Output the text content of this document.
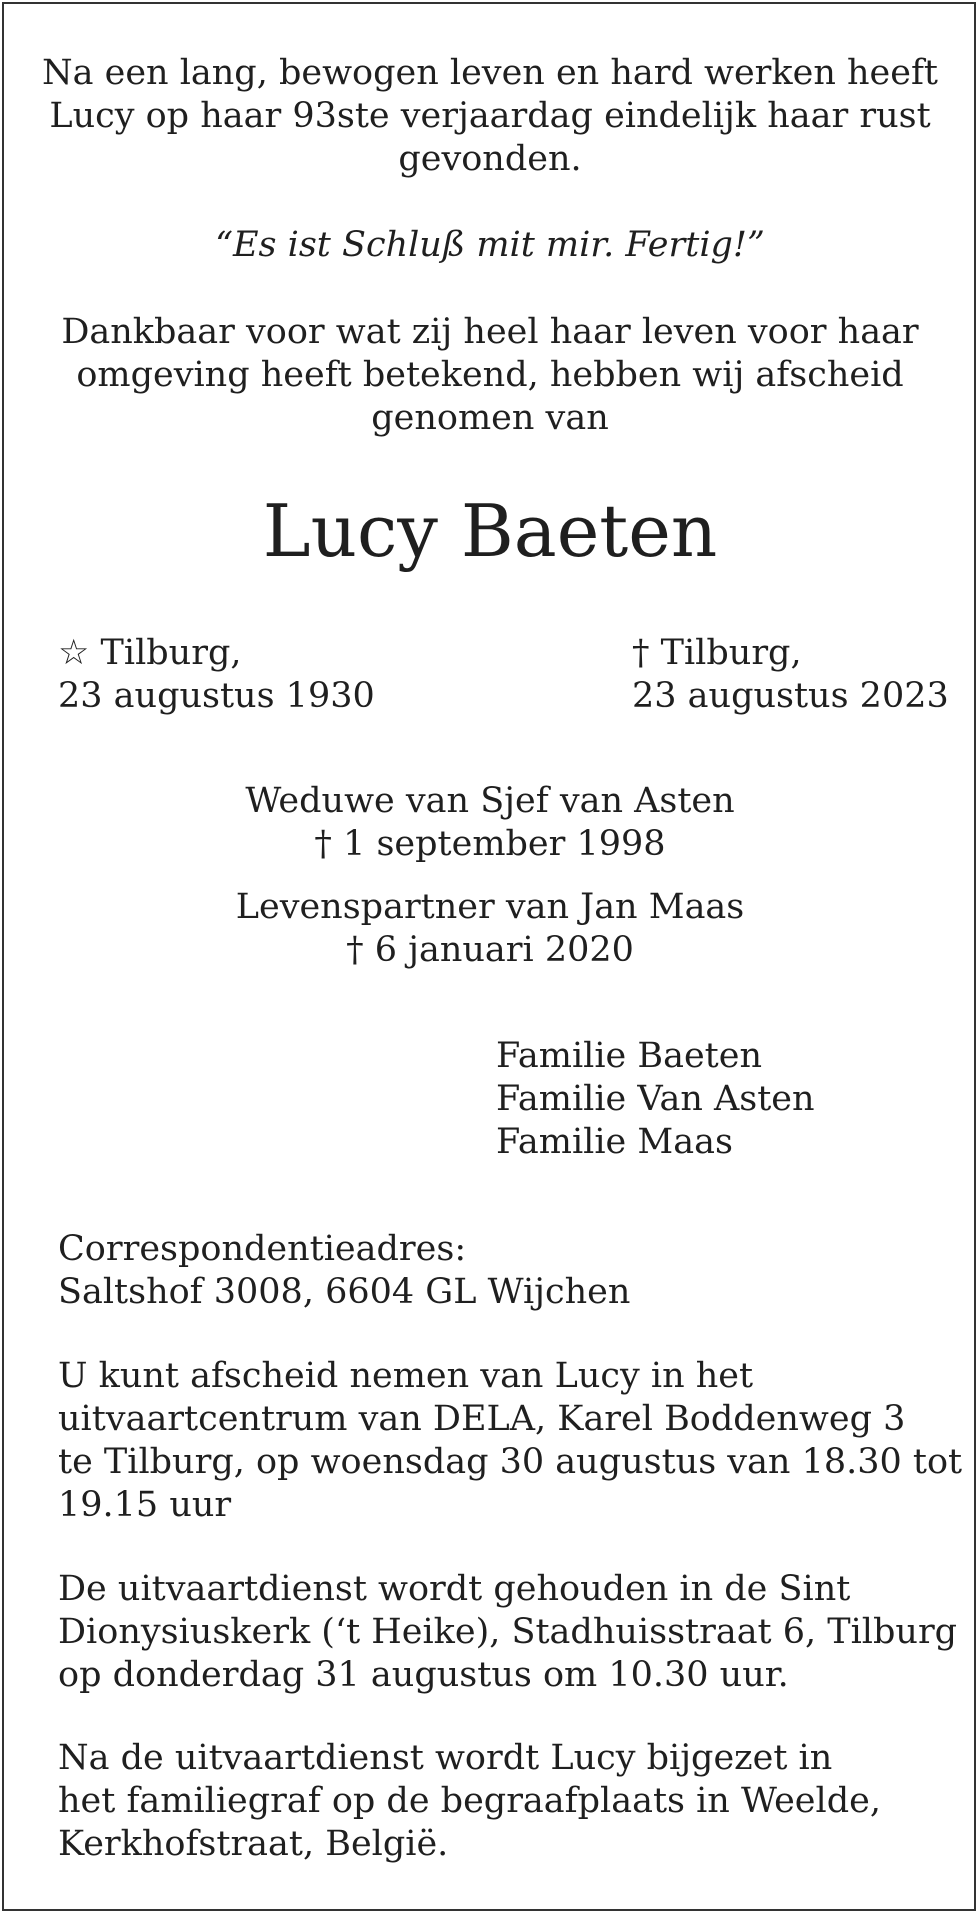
Na een lang, bewogen leven en hard werken heeft
Lucy op haar 93ste verjaardag eindelijk haar rust
gevonden.
“Es ist Schluß mit mir. Fertig!”
Dankbaar voor wat zij heel haar leven voor haar
omgeving heeft betekend, hebben wij afscheid
genomen van
Lucy Baeten
☆ Tilburg,
23 augustus 1930
† Tilburg,
23 augustus 2023
Weduwe van Sjef van Asten
† 1 september 1998
Levenspartner van Jan Maas
† 6 januari 2020
Familie Baeten
Familie Van Asten
Familie Maas
Correspondentieadres:
Saltshof 3008, 6604 GL Wijchen
U kunt afscheid nemen van Lucy in het
uitvaartcentrum van DELA, Karel Boddenweg 3
te Tilburg, op woensdag 30 augustus van 18.30 tot
19.15 uur
De uitvaartdienst wordt gehouden in de Sint
Dionysiuskerk (‘t Heike), Stadhuisstraat 6, Tilburg
op donderdag 31 augustus om 10.30 uur.
Na de uitvaartdienst wordt Lucy bijgezet in
het familiegraf op de begraafplaats in Weelde,
Kerkhofstraat, België.
